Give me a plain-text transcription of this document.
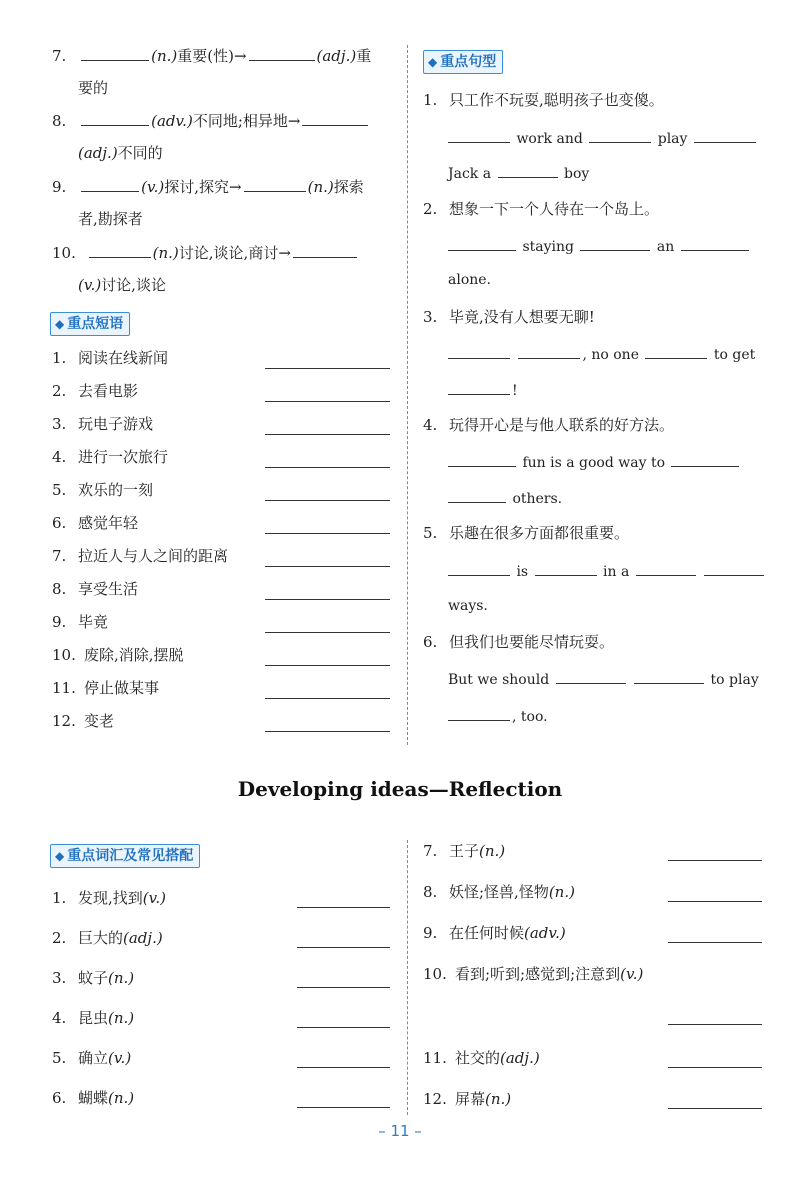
7.	(n.)重要(性)→	(adj.)重
要的
8.	(adv.)不同地;相异地→
(adj.)不同的
9.	(v.)探讨,探究→	(n.)探索
者,勘探者
10.	(n.)讨论,谈论,商讨→
(v.)讨论,谈论
◆ 重点短语
1. 阅读在线新闻
2. 去看电影
3. 玩电子游戏
4. 进行一次旅行
5. 欢乐的一刻
6. 感觉年轻
7. 拉近人与人之间的距离
8. 享受生活
9. 毕竟
10. 废除,消除,摆脱
11. 停止做某事
12. 变老
◆ 重点句型
1. 只工作不玩耍,聪明孩子也变傻。
work and	play
Jack a	boy
2. 想象一下一个人待在一个岛上。
staying	an
alone.
3. 毕竟,没有人想要无聊!
, no one	to get
!
4. 玩得开心是与他人联系的好方法。
fun is a good way to
others.
5. 乐趣在很多方面都很重要。
is	in a
ways.
6. 但我们也要能尽情玩耍。
But we should	to play
, too.
Developing ideas—Reflection
◆ 重点词汇及常见搭配
1. 发现,找到(v.)
2. 巨大的(adj.)
3. 蚊子(n.)
4. 昆虫(n.)
5. 确立(v.)
6. 蝴蝶(n.)
7. 王子(n.)
8. 妖怪;怪兽,怪物(n.)
9. 在任何时候(adv.)
10. 看到;听到;感觉到;注意到(v.)
11. 社交的(adj.)
12. 屏幕(n.)
– 11 –
